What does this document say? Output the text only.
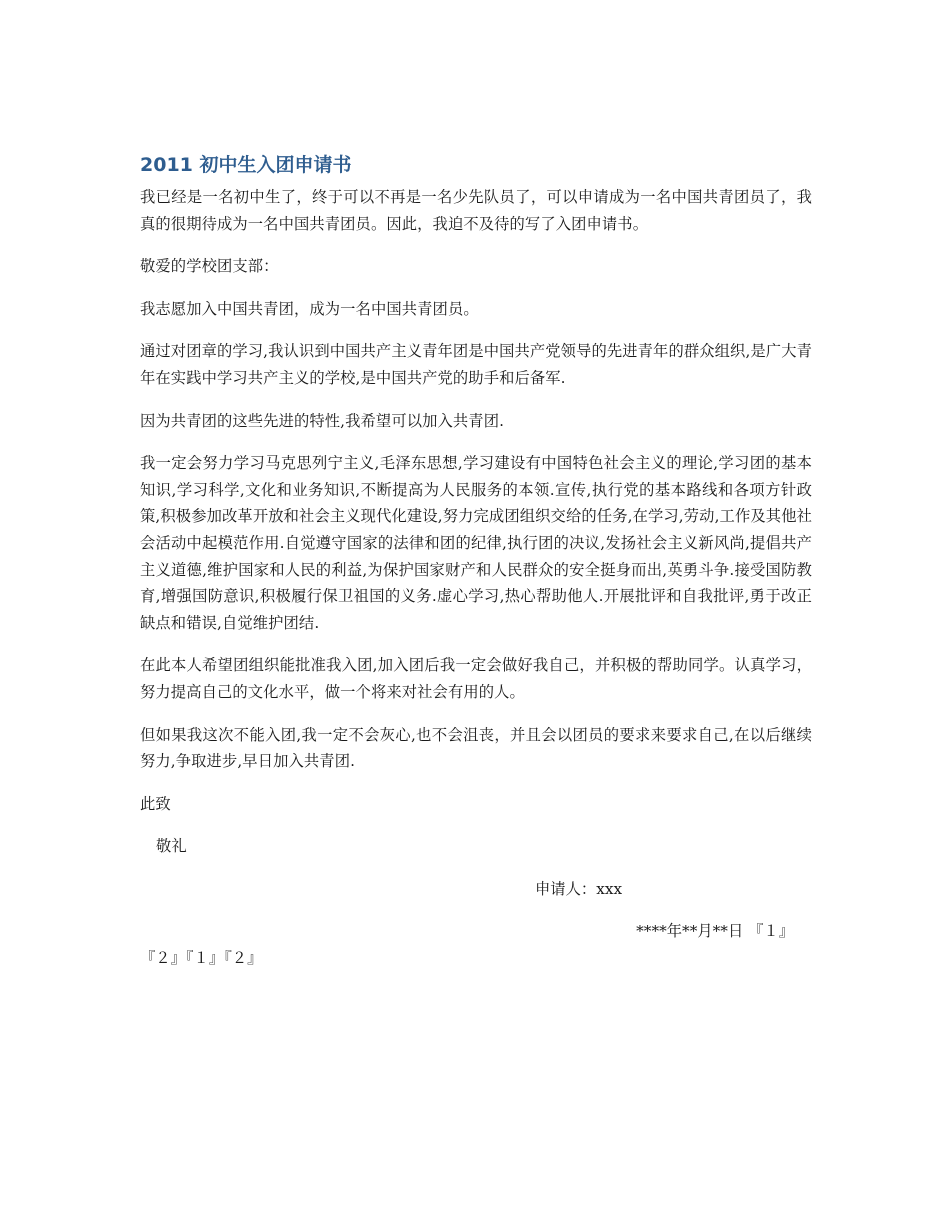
2011 初中生入团申请书

我已经是一名初中生了，终于可以不再是一名少先队员了，可以申请成为一名中国共青团员了，我真的很期待成为一名中国共青团员。因此，我迫不及待的写了入团申请书。

敬爱的学校团支部：

我志愿加入中国共青团，成为一名中国共青团员。

通过对团章的学习,我认识到中国共产主义青年团是中国共产党领导的先进青年的群众组织,是广大青年在实践中学习共产主义的学校,是中国共产党的助手和后备军.

因为共青团的这些先进的特性,我希望可以加入共青团.

我一定会努力学习马克思列宁主义,毛泽东思想,学习建设有中国特色社会主义的理论,学习团的基本知识,学习科学,文化和业务知识,不断提高为人民服务的本领.宣传,执行党的基本路线和各项方针政策,积极参加改革开放和社会主义现代化建设,努力完成团组织交给的任务,在学习,劳动,工作及其他社会活动中起模范作用.自觉遵守国家的法律和团的纪律,执行团的决议,发扬社会主义新风尚,提倡共产主义道德,维护国家和人民的利益,为保护国家财产和人民群众的安全挺身而出,英勇斗争.接受国防教育,增强国防意识,积极履行保卫祖国的义务.虚心学习,热心帮助他人.开展批评和自我批评,勇于改正缺点和错误,自觉维护团结.

在此本人希望团组织能批准我入团,加入团后我一定会做好我自己，并积极的帮助同学。认真学习，努力提高自己的文化水平，做一个将来对社会有用的人。

但如果我这次不能入团,我一定不会灰心,也不会沮丧，并且会以团员的要求来要求自己,在以后继续努力,争取进步,早日加入共青团.

此致

敬礼

申请人：xxx

****年**月**日 『１』

『２』『１』『２』
